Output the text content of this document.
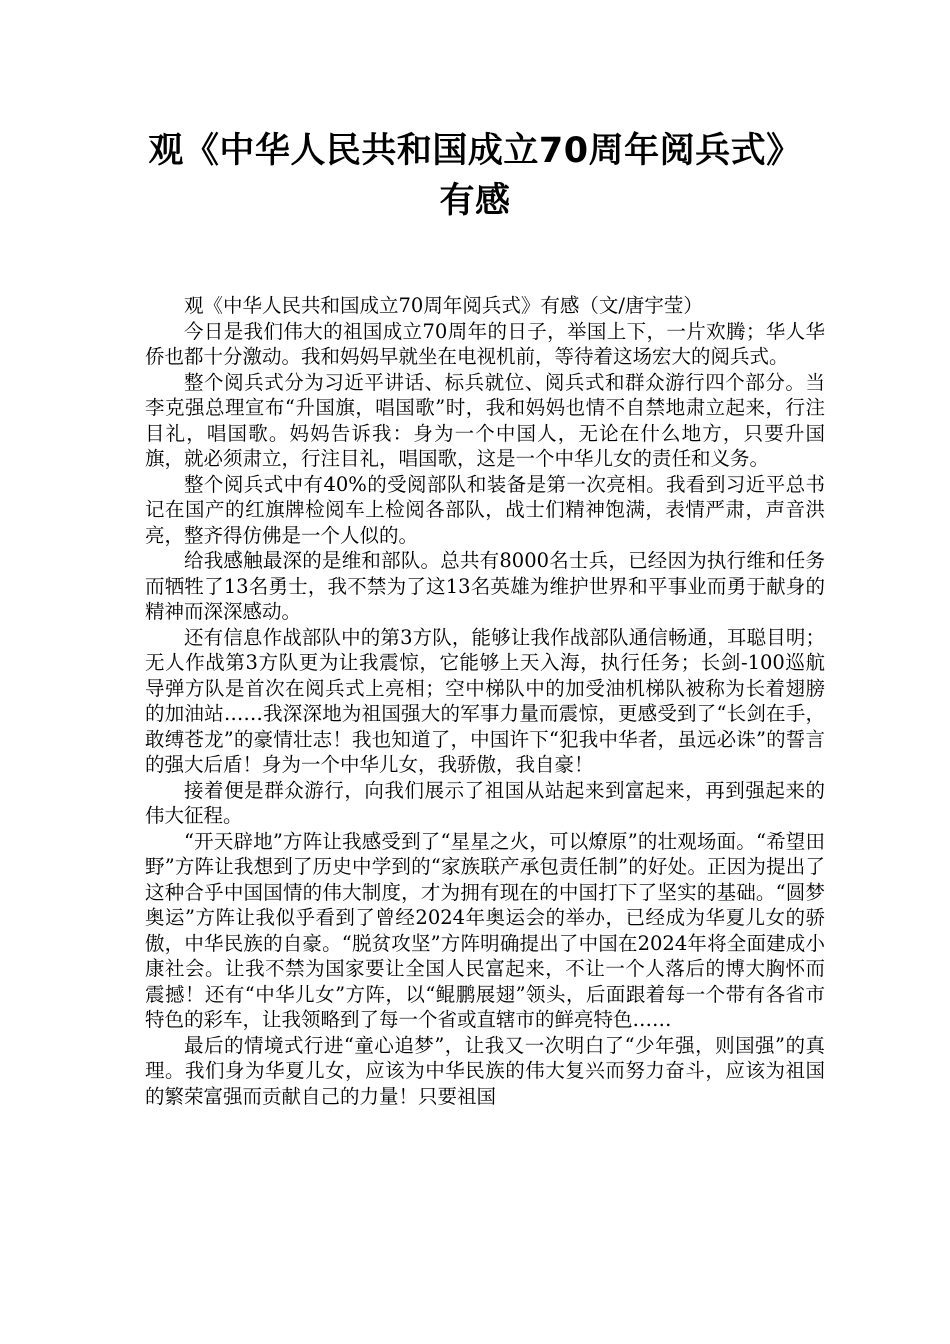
观《中华人民共和国成立70周年阅兵式》有感

观《中华人民共和国成立70周年阅兵式》有感（文/唐宇莹）

今日是我们伟大的祖国成立70周年的日子，举国上下，一片欢腾；华人华侨也都十分激动。我和妈妈早就坐在电视机前，等待着这场宏大的阅兵式。

整个阅兵式分为习近平讲话、标兵就位、阅兵式和群众游行四个部分。当李克强总理宣布“升国旗，唱国歌”时，我和妈妈也情不自禁地肃立起来，行注目礼，唱国歌。妈妈告诉我：身为一个中国人，无论在什么地方，只要升国旗，就必须肃立，行注目礼，唱国歌，这是一个中华儿女的责任和义务。

整个阅兵式中有40%的受阅部队和装备是第一次亮相。我看到习近平总书记在国产的红旗牌检阅车上检阅各部队，战士们精神饱满，表情严肃，声音洪亮，整齐得仿佛是一个人似的。

给我感触最深的是维和部队。总共有8000名士兵，已经因为执行维和任务而牺牲了13名勇士，我不禁为了这13名英雄为维护世界和平事业而勇于献身的精神而深深感动。

还有信息作战部队中的第3方队，能够让我作战部队通信畅通，耳聪目明；无人作战第3方队更为让我震惊，它能够上天入海，执行任务；长剑-100巡航导弹方队是首次在阅兵式上亮相；空中梯队中的加受油机梯队被称为长着翅膀的加油站……我深深地为祖国强大的军事力量而震惊，更感受到了“长剑在手，敢缚苍龙”的豪情壮志！我也知道了，中国许下“犯我中华者，虽远必诛”的誓言的强大后盾！身为一个中华儿女，我骄傲，我自豪！

接着便是群众游行，向我们展示了祖国从站起来到富起来，再到强起来的伟大征程。

“开天辟地”方阵让我感受到了“星星之火，可以燎原”的壮观场面。“希望田野”方阵让我想到了历史中学到的“家族联产承包责任制”的好处。正因为提出了这种合乎中国国情的伟大制度，才为拥有现在的中国打下了坚实的基础。“圆梦奥运”方阵让我似乎看到了曾经2024年奥运会的举办，已经成为华夏儿女的骄傲，中华民族的自豪。“脱贫攻坚”方阵明确提出了中国在2024年将全面建成小康社会。让我不禁为国家要让全国人民富起来，不让一个人落后的博大胸怀而震撼！还有“中华儿女”方阵，以“鲲鹏展翅”领头，后面跟着每一个带有各省市特色的彩车，让我领略到了每一个省或直辖市的鲜亮特色……

最后的情境式行进“童心追梦”，让我又一次明白了“少年强，则国强”的真理。我们身为华夏儿女，应该为中华民族的伟大复兴而努力奋斗，应该为祖国的繁荣富强而贡献自己的力量！只要祖国
